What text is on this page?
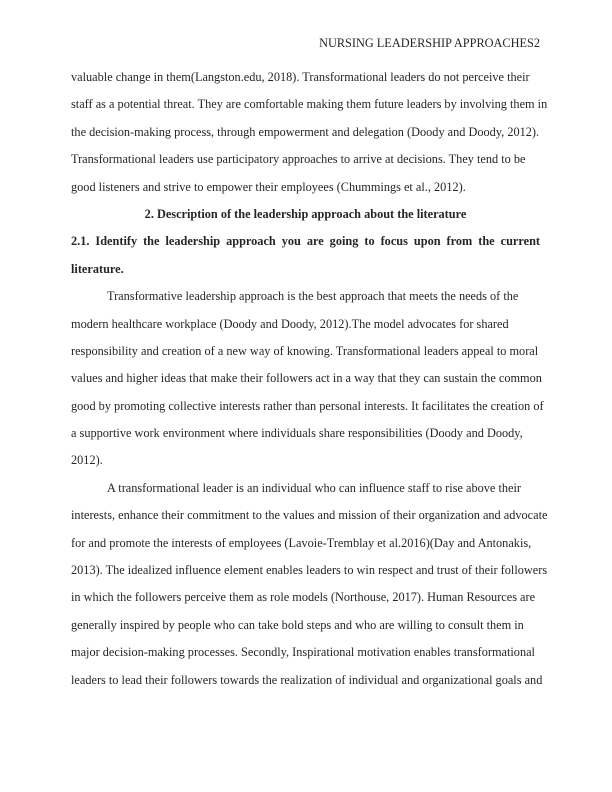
NURSING LEADERSHIP APPROACHES2
valuable change in them(Langston.edu, 2018). Transformational leaders do not perceive their
staff as a potential threat. They are comfortable making them future leaders by involving them in
the decision-making process, through empowerment and delegation (Doody and Doody, 2012).
Transformational leaders use participatory approaches to arrive at decisions. They tend to be
good listeners and strive to empower their employees (Chummings et al., 2012).
2. Description of the leadership approach about the literature
2.1. Identify the leadership approach you are going to focus upon from the current
literature.
Transformative leadership approach is the best approach that meets the needs of the
modern healthcare workplace (Doody and Doody, 2012).The model advocates for shared
responsibility and creation of a new way of knowing. Transformational leaders appeal to moral
values and higher ideas that make their followers act in a way that they can sustain the common
good by promoting collective interests rather than personal interests. It facilitates the creation of
a supportive work environment where individuals share responsibilities (Doody and Doody,
2012).
A transformational leader is an individual who can influence staff to rise above their
interests, enhance their commitment to the values and mission of their organization and advocate
for and promote the interests of employees (Lavoie-Tremblay et al.2016)(Day and Antonakis,
2013). The idealized influence element enables leaders to win respect and trust of their followers
in which the followers perceive them as role models (Northouse, 2017). Human Resources are
generally inspired by people who can take bold steps and who are willing to consult them in
major decision-making processes. Secondly, Inspirational motivation enables transformational
leaders to lead their followers towards the realization of individual and organizational goals and
